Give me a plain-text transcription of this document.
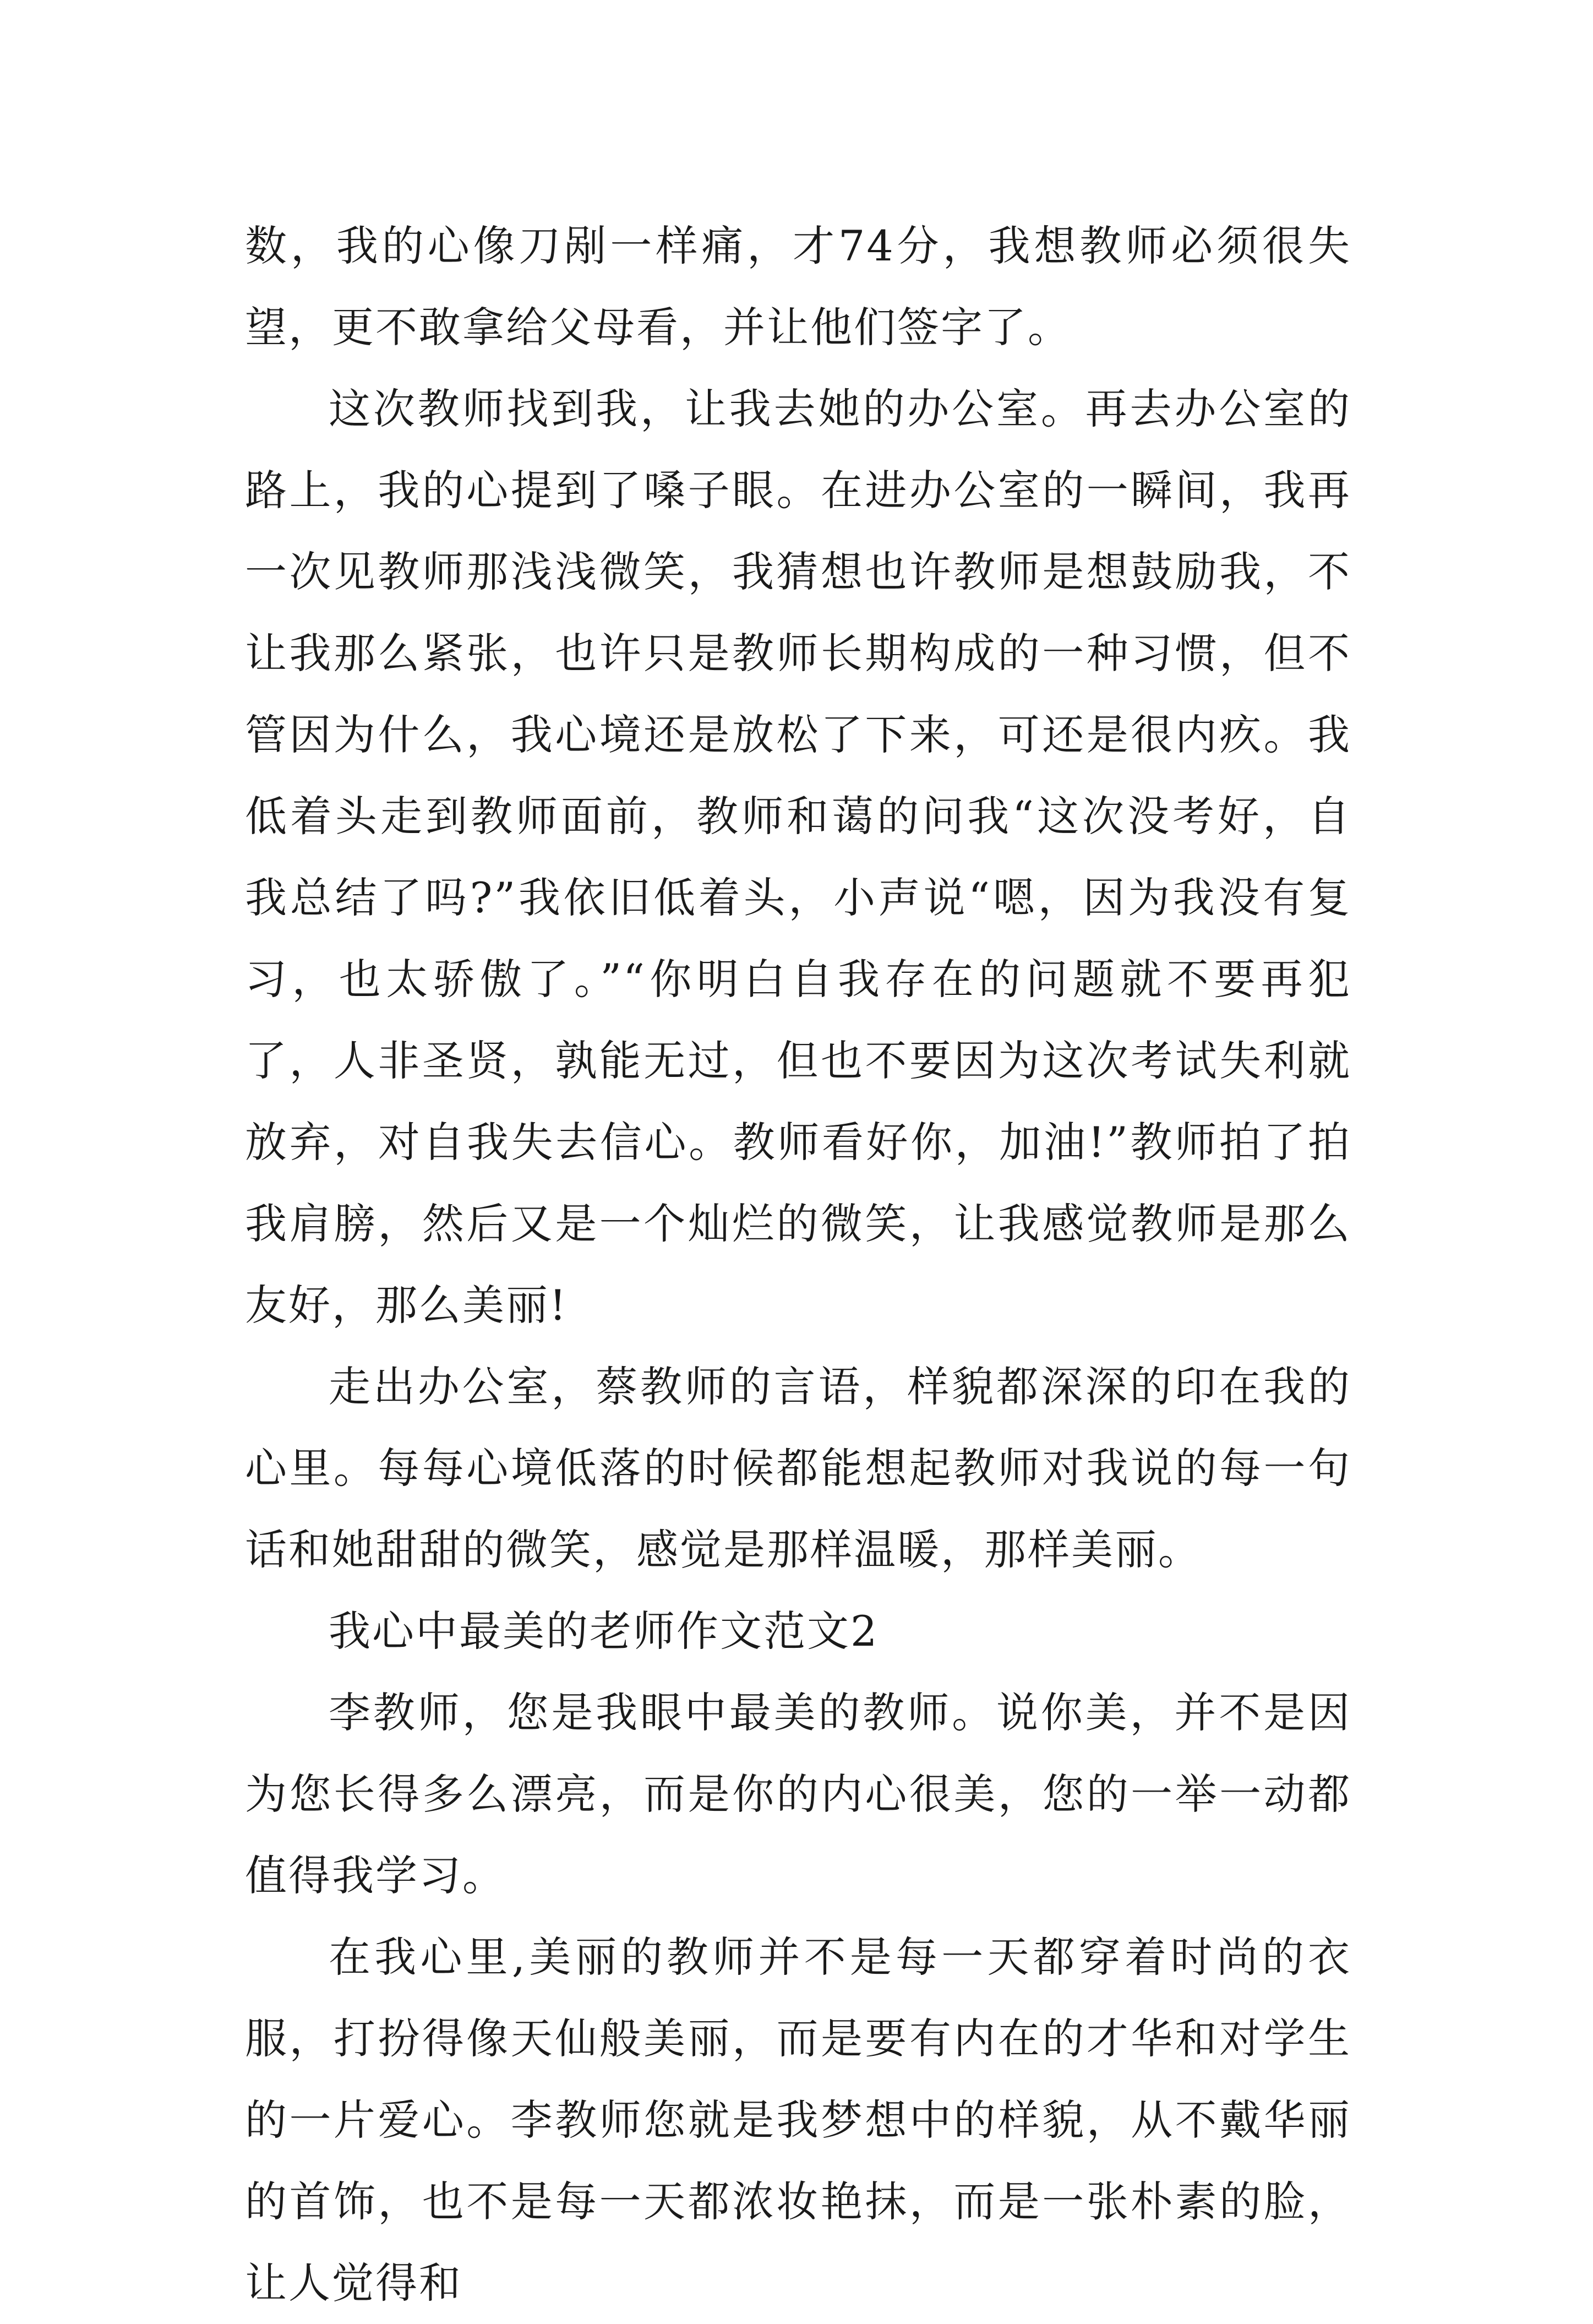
数，我的心像刀剐一样痛，才74分，我想教师必须很失望，更不敢拿给父母看，并让他们签字了。

这次教师找到我，让我去她的办公室。再去办公室的路上，我的心提到了嗓子眼。在进办公室的一瞬间，我再一次见教师那浅浅微笑，我猜想也许教师是想鼓励我，不让我那么紧张，也许只是教师长期构成的一种习惯，但不管因为什么，我心境还是放松了下来，可还是很内疚。我低着头走到教师面前，教师和蔼的问我“这次没考好，自我总结了吗?”我依旧低着头，小声说“嗯，因为我没有复习，也太骄傲了。”“你明白自我存在的问题就不要再犯了，人非圣贤，孰能无过，但也不要因为这次考试失利就放弃，对自我失去信心。教师看好你，加油!”教师拍了拍我肩膀，然后又是一个灿烂的微笑，让我感觉教师是那么友好，那么美丽!

走出办公室，蔡教师的言语，样貌都深深的印在我的心里。每每心境低落的时候都能想起教师对我说的每一句话和她甜甜的微笑，感觉是那样温暖，那样美丽。

我心中最美的老师作文范文2

李教师，您是我眼中最美的教师。说你美，并不是因为您长得多么漂亮，而是你的内心很美，您的一举一动都值得我学习。

在我心里,美丽的教师并不是每一天都穿着时尚的衣服，打扮得像天仙般美丽，而是要有内在的才华和对学生的一片爱心。李教师您就是我梦想中的样貌，从不戴华丽的首饰，也不是每一天都浓妆艳抹，而是一张朴素的脸，让人觉得和
